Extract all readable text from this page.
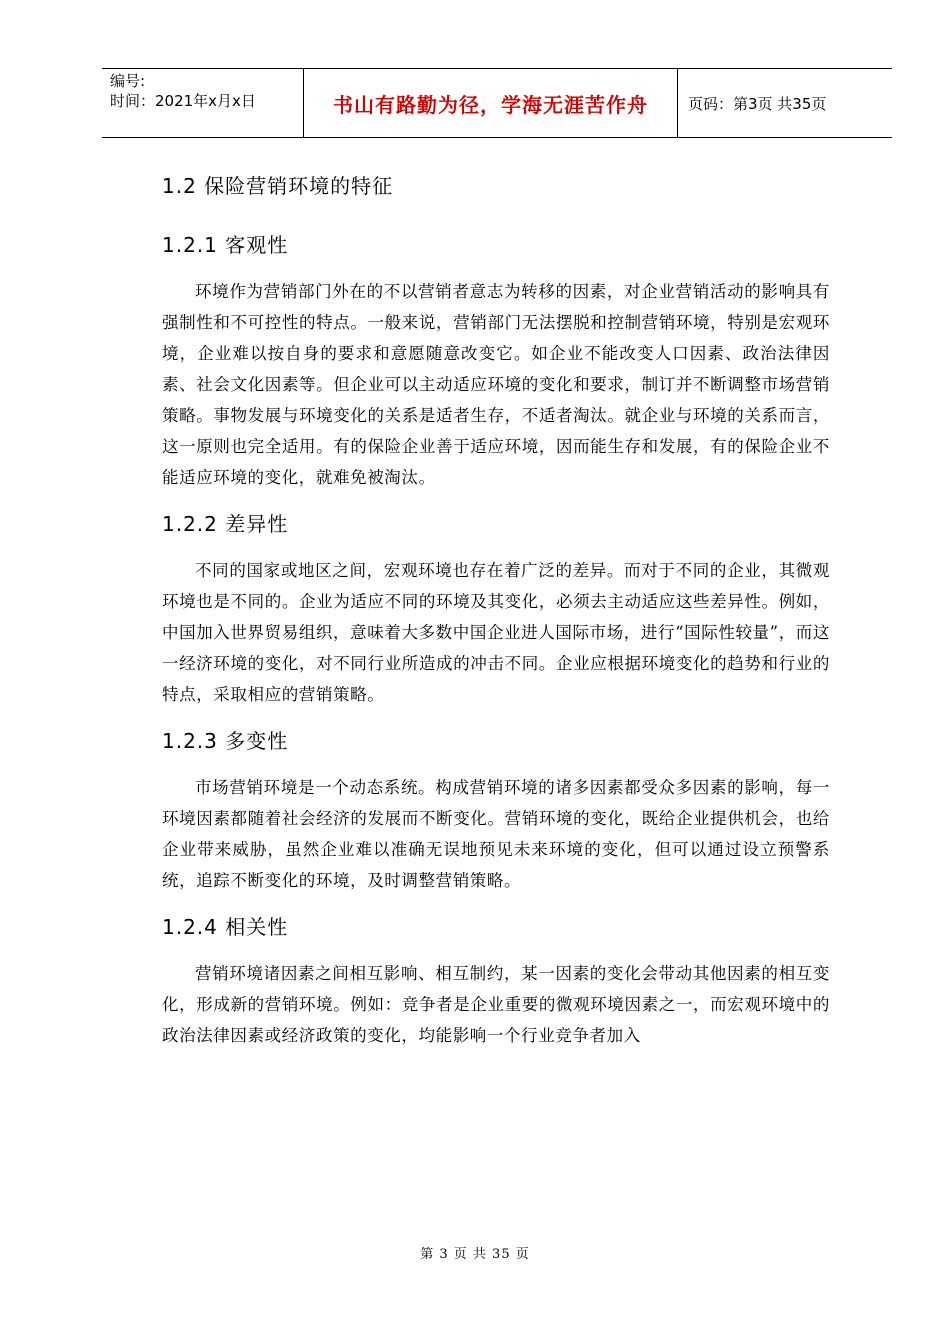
编号:
时间：2021年x月x日	书山有路勤为径，学海无涯苦作舟	页码：第3页 共35页
1.2 保险营销环境的特征
1.2.1 客观性

环境作为营销部门外在的不以营销者意志为转移的因素，对企业营销活动的影响具有强制性和不可控性的特点。一般来说，营销部门无法摆脱和控制营销环境，特别是宏观环境，企业难以按自身的要求和意愿随意改变它。如企业不能改变人口因素、政治法律因素、社会文化因素等。但企业可以主动适应环境的变化和要求，制订并不断调整市场营销策略。事物发展与环境变化的关系是适者生存，不适者淘汰。就企业与环境的关系而言，这一原则也完全适用。有的保险企业善于适应环境，因而能生存和发展，有的保险企业不能适应环境的变化，就难免被淘汰。

1.2.2 差异性

不同的国家或地区之间，宏观环境也存在着广泛的差异。而对于不同的企业，其微观环境也是不同的。企业为适应不同的环境及其变化，必须去主动适应这些差异性。例如，中国加入世界贸易组织，意味着大多数中国企业进人国际市场，进行“国际性较量”，而这一经济环境的变化，对不同行业所造成的冲击不同。企业应根据环境变化的趋势和行业的特点，采取相应的营销策略。

1.2.3 多变性

市场营销环境是一个动态系统。构成营销环境的诸多因素都受众多因素的影响，每一环境因素都随着社会经济的发展而不断变化。营销环境的变化，既给企业提供机会，也给企业带来威胁，虽然企业难以准确无误地预见未来环境的变化，但可以通过设立预警系统，追踪不断变化的环境，及时调整营销策略。

1.2.4 相关性

营销环境诸因素之间相互影响、相互制约，某一因素的变化会带动其他因素的相互变化，形成新的营销环境。例如：竞争者是企业重要的微观环境因素之一，而宏观环境中的政治法律因素或经济政策的变化，均能影响一个行业竞争者加入

第 3 页 共 35 页
